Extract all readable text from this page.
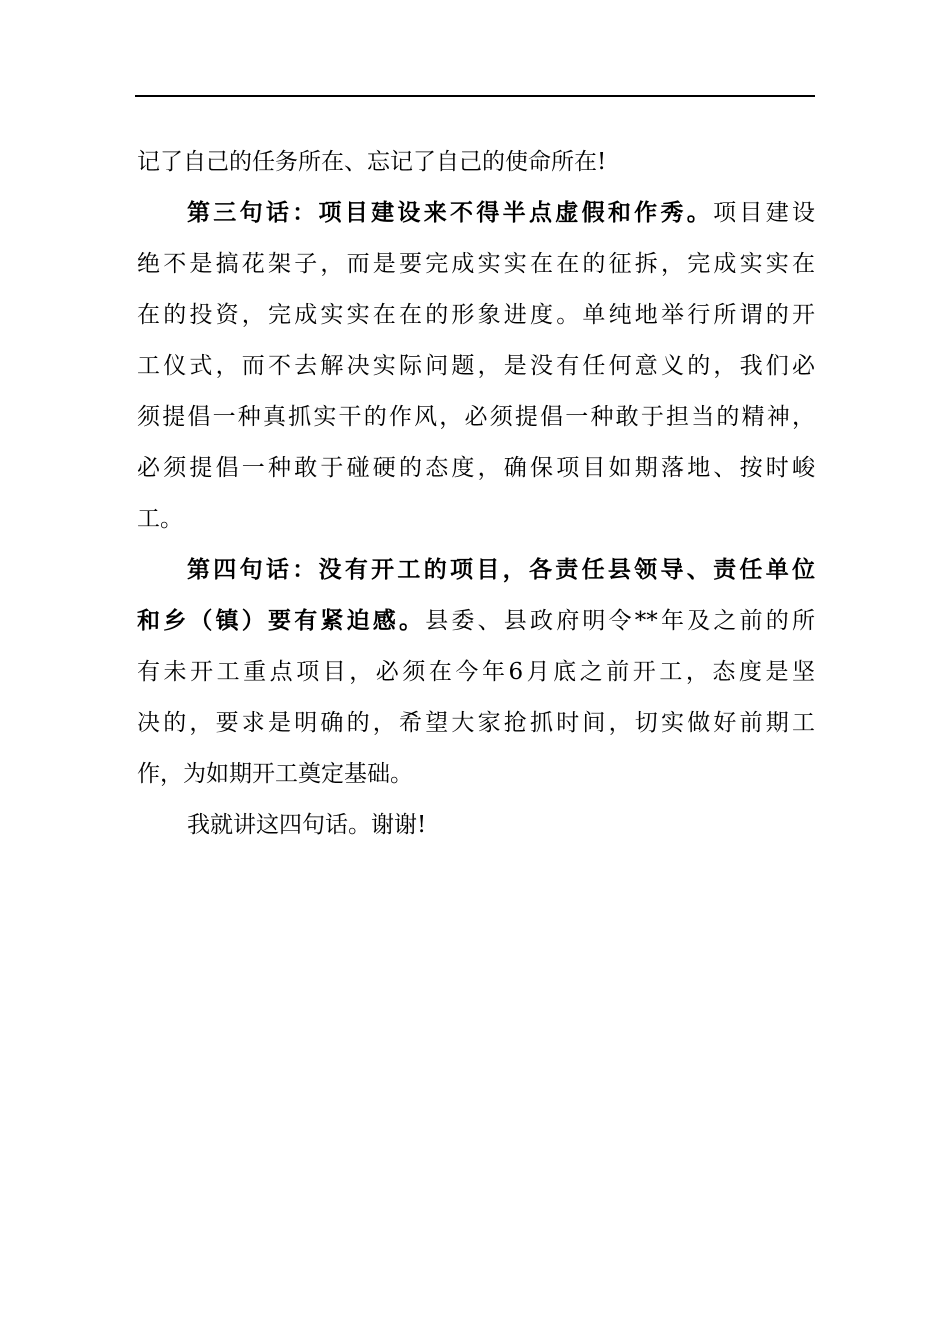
记了自己的任务所在、忘记了自己的使命所在!
第三句话：项目建设来不得半点虚假和作秀。项目建设
绝不是搞花架子，而是要完成实实在在的征拆，完成实实在
在的投资，完成实实在在的形象进度。单纯地举行所谓的开
工仪式，而不去解决实际问题，是没有任何意义的，我们必
须提倡一种真抓实干的作风，必须提倡一种敢于担当的精神，
必须提倡一种敢于碰硬的态度，确保项目如期落地、按时峻
工。
第四句话：没有开工的项目，各责任县领导、责任单位
和乡（镇）要有紧迫感。县委、县政府明令**年及之前的所
有未开工重点项目，必须在今年6月底之前开工，态度是坚
决的，要求是明确的，希望大家抢抓时间，切实做好前期工
作，为如期开工奠定基础。
我就讲这四句话。谢谢!
